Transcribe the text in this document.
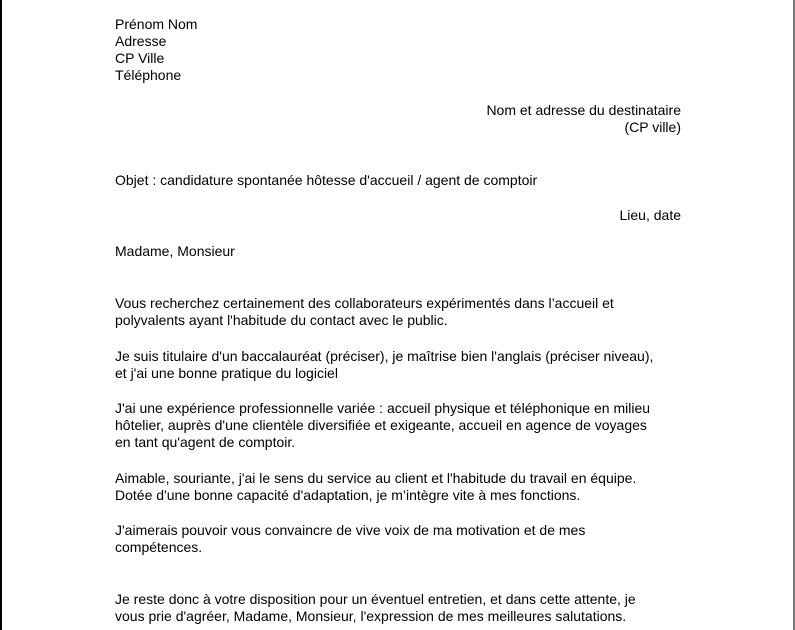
Prénom Nom
Adresse
CP Ville
Téléphone
Nom et adresse du destinataire
(CP ville)
Objet : candidature spontanée hôtesse d'accueil / agent de comptoir
Lieu, date
Madame, Monsieur
Vous recherchez certainement des collaborateurs expérimentés dans l’accueil et
polyvalents ayant l'habitude du contact avec le public.
Je suis titulaire d'un baccalauréat (préciser), je maîtrise bien l'anglais (préciser niveau),
et j'ai une bonne pratique du logiciel
J'ai une expérience professionnelle variée : accueil physique et téléphonique en milieu
hôtelier, auprès d'une clientèle diversifiée et exigeante, accueil en agence de voyages
en tant qu'agent de comptoir.
Aimable, souriante, j'ai le sens du service au client et l'habitude du travail en équipe.
Dotée d'une bonne capacité d'adaptation, je m’intègre vite à mes fonctions.
J'aimerais pouvoir vous convaincre de vive voix de ma motivation et de mes
compétences.
Je reste donc à votre disposition pour un éventuel entretien, et dans cette attente, je
vous prie d'agréer, Madame, Monsieur, l'expression de mes meilleures salutations.
